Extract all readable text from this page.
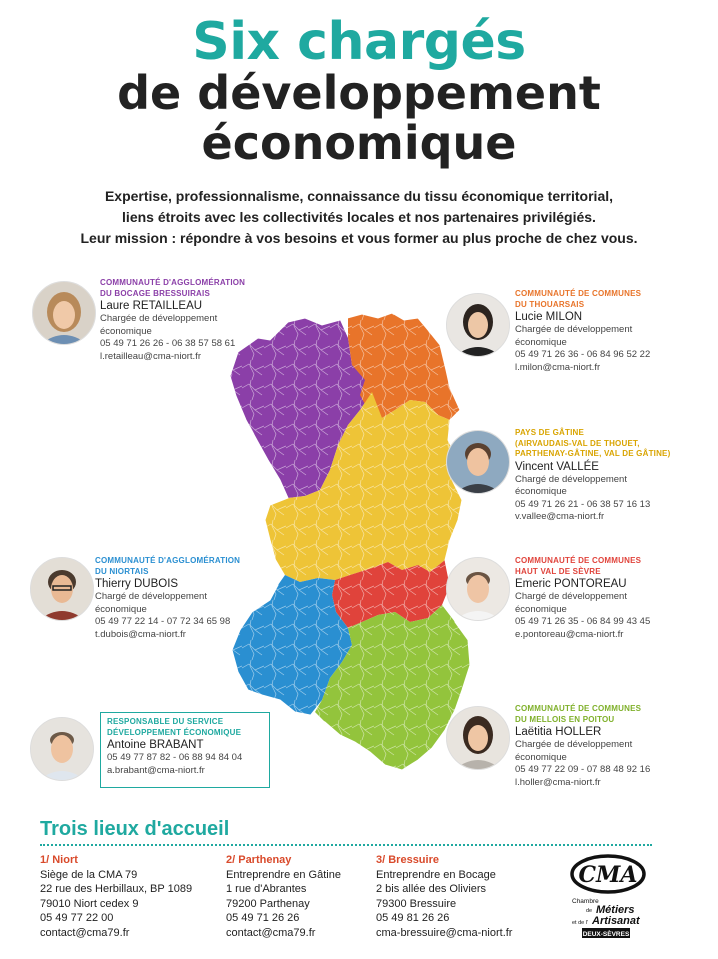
Six chargés
de développement
économique
Expertise, professionnalisme, connaissance du tissu économique territorial,
liens étroits avec les collectivités locales et nos partenaires privilégiés.
Leur mission : répondre à vos besoins et vous former au plus proche de chez vous.
COMMUNAUTÉ D'AGGLOMÉRATION
DU BOCAGE BRESSUIRAIS
Laure RETAILLEAU
Chargée de développement économique
05 49 71 26 26 - 06 38 57 58 61
l.retailleau@cma-niort.fr
COMMUNAUTÉ DE COMMUNES
DU THOUARSAIS
Lucie MILON
Chargée de développement économique
05 49 71 26 36 - 06 84 96 52 22
l.milon@cma-niort.fr
PAYS DE GÂTINE
(AIRVAUDAIS-VAL DE THOUET,
PARTHENAY-GÂTINE, VAL DE GÂTINE)
Vincent VALLÉE
Chargé de développement économique
05 49 71 26 21 - 06 38 57 16 13
v.vallee@cma-niort.fr
COMMUNAUTÉ D'AGGLOMÉRATION
DU NIORTAIS
Thierry DUBOIS
Chargé de développement économique
05 49 77 22 14 - 07 72 34 65 98
t.dubois@cma-niort.fr
COMMUNAUTÉ DE COMMUNES
HAUT VAL DE SÈVRE
Emeric PONTOREAU
Chargé de développement économique
05 49 71 26 35 - 06 84 99 43 45
e.pontoreau@cma-niort.fr
COMMUNAUTÉ DE COMMUNES
DU MELLOIS EN POITOU
Laëtitia HOLLER
Chargée de développement économique
05 49 77 22 09 - 07 88 48 92 16
l.holler@cma-niort.fr
RESPONSABLE DU SERVICE
DÉVELOPPEMENT ÉCONOMIQUE
Antoine BRABANT
05 49 77 87 82 - 06 88 94 84 04
a.brabant@cma-niort.fr
Trois lieux d'accueil
1/ Niort
Siège de la CMA 79
22 rue des Herbillaux, BP 1089
79010 Niort cedex 9
05 49 77 22 00
contact@cma79.fr
2/ Parthenay
Entreprendre en Gâtine
1 rue d'Abrantes
79200 Parthenay
05 49 71 26 26
contact@cma79.fr
3/ Bressuire
Entreprendre en Bocage
2 bis allée des Oliviers
79300 Bressuire
05 49 81 26 26
cma-bressuire@cma-niort.fr
CMA
Chambre
de Métiers
et de l' Artisanat
DEUX-SÈVRES
